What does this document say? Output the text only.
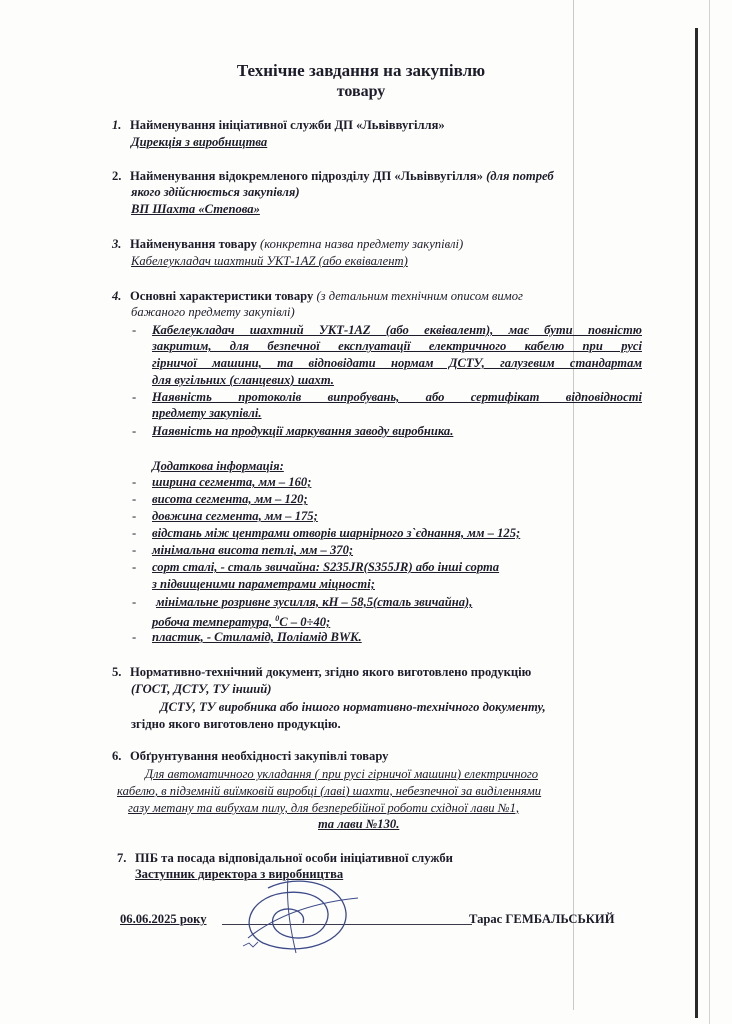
Технічне завдання на закупівлю
товару
1. Найменування ініціативної служби ДП «Львіввугілля»
Дирекція з виробництва
2. Найменування відокремленого підрозділу ДП «Львіввугілля» (для потреб
якого здійснюється закупівля)
ВП Шахта «Степова»
3. Найменування товару (конкретна назва предмету закупівлі)
Кабелеукладач шахтний УКТ-1AZ (або еквівалент)
4. Основні характеристики товару (з детальним технічним описом вимог
бажаного предмету закупівлі)
- Кабелеукладач шахтний УКТ-1AZ (або еквівалент), має бути повністю
закритим, для безпечної експлуатації електричного кабелю при русі
гірничої машини, та відповідати нормам ДСТУ, галузевим стандартам
для вугільних (сланцевих) шахт.
- Наявність протоколів випробувань, або сертифікат відповідності
предмету закупівлі.
- Наявність на продукції маркування заводу виробника.
Додаткова інформація:
- ширина сегмента, мм – 160;
- висота сегмента, мм – 120;
- довжина сегмента, мм – 175;
- відстань між центрами отворів шарнірного з`єднання, мм – 125;
- мінімальна висота петлі, мм – 370;
- сорт сталі, - сталь звичайна: S235JR(S355JR) або інші сорта
з підвищеними параметрами міцності;
- мінімальне розривне зусилля, кН – 58,5(сталь звичайна),
робоча температура, $^0$С – 0÷40;
- пластик, - Стиламід, Поліамід BWK.
5. Нормативно-технічний документ, згідно якого виготовлено продукцію
(ГОСТ, ДСТУ, ТУ інший)
ДСТУ, ТУ виробника або іншого нормативно-технічного документу,
згідно якого виготовлено продукцію.
6. Обґрунтування необхідності закупівлі товару
Для автоматичного укладання ( при русі гірничої машини) електричного
кабелю, в підземній виїмковій виробці (лаві) шахти, небезпечної за виділеннями
газу метану та вибухам пилу, для безперебійної роботи східної лави №1,
та лави №130.
7. ПІБ та посада відповідальної особи ініціативної служби
Заступник директора з виробництва
06.06.2025 року	Тарас ГЕМБАЛЬСЬКИЙ
